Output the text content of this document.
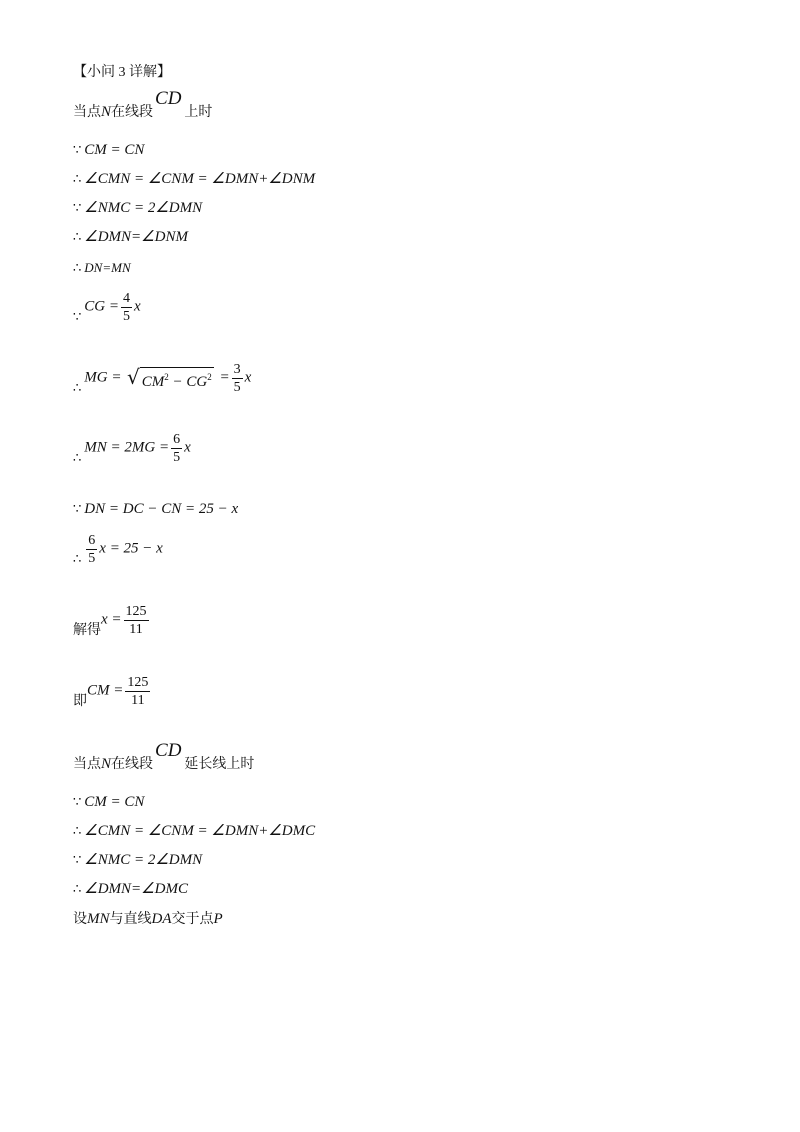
【小问 3 详解】
当点N在线段CD上时
∵ CM = CN
∴ ∠CMN = ∠CNM = ∠DMN+∠DNM
∵ ∠NMC = 2∠DMN
∴ ∠DMN=∠DNM
∴ DN=MN
∵CG = $\frac{4}{5}$ x
∴MG = √ $CM^2 - CG^2 = \frac{3}{5}$ x
∴MN = $2MG = \frac{6}{5}$ x
∵ DN = DC − CN = 25 − x
∴ $\frac{6}{5}$ x = 25 − x
解得$x = \frac{125}{11}$
即CM = $\frac{125}{11}$
当点N在线段CD延长线上时
∵ CM = CN
∴ ∠CMN = ∠CNM = ∠DMN+∠DMC
∵ ∠NMC = 2∠DMN
∴ ∠DMN=∠DMC
设MN与直线DA交于点P
